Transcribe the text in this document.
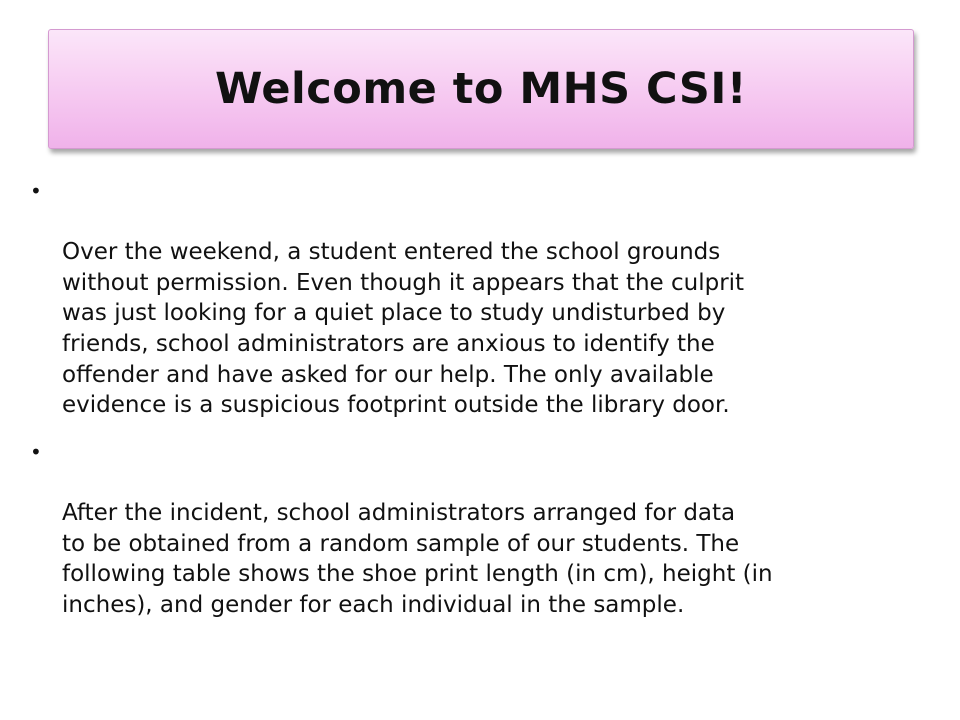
Welcome to MHS CSI!

•

Over the weekend, a student entered the school grounds
without permission. Even though it appears that the culprit
was just looking for a quiet place to study undisturbed by
friends, school administrators are anxious to identify the
offender and have asked for our help. The only available
evidence is a suspicious footprint outside the library door.

•

After the incident, school administrators arranged for data
to be obtained from a random sample of our students. The
following table shows the shoe print length (in cm), height (in
inches), and gender for each individual in the sample.
